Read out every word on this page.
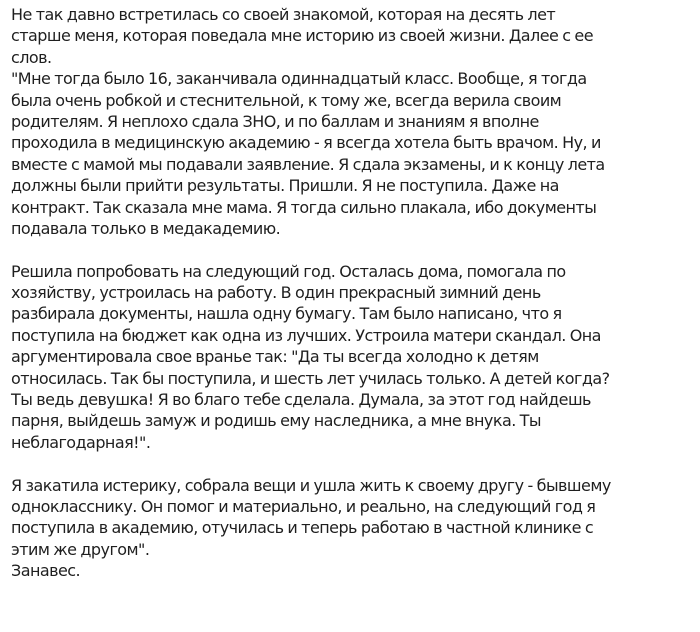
Не так давно встретилась со своей знакомой, которая на десять лет
старше меня, которая поведала мне историю из своей жизни. Далее с ее
слов.
"Мне тогда было 16, заканчивала одиннадцатый класс. Вообще, я тогда
была очень робкой и стеснительной, к тому же, всегда верила своим
родителям. Я неплохо сдала ЗНО, и по баллам и знаниям я вполне
проходила в медицинскую академию - я всегда хотела быть врачом. Ну, и
вместе с мамой мы подавали заявление. Я сдала экзамены, и к концу лета
должны были прийти результаты. Пришли. Я не поступила. Даже на
контракт. Так сказала мне мама. Я тогда сильно плакала, ибо документы
подавала только в медакадемию.

Решила попробовать на следующий год. Осталась дома, помогала по
хозяйству, устроилась на работу. В один прекрасный зимний день
разбирала документы, нашла одну бумагу. Там было написано, что я
поступила на бюджет как одна из лучших. Устроила матери скандал. Она
аргументировала свое вранье так: "Да ты всегда холодно к детям
относилась. Так бы поступила, и шесть лет училась только. А детей когда?
Ты ведь девушка! Я во благо тебе сделала. Думала, за этот год найдешь
парня, выйдешь замуж и родишь ему наследника, а мне внука. Ты
неблагодарная!".

Я закатила истерику, собрала вещи и ушла жить к своему другу - бывшему
однокласснику. Он помог и материально, и реально, на следующий год я
поступила в академию, отучилась и теперь работаю в частной клинике с
этим же другом".
Занавес.
